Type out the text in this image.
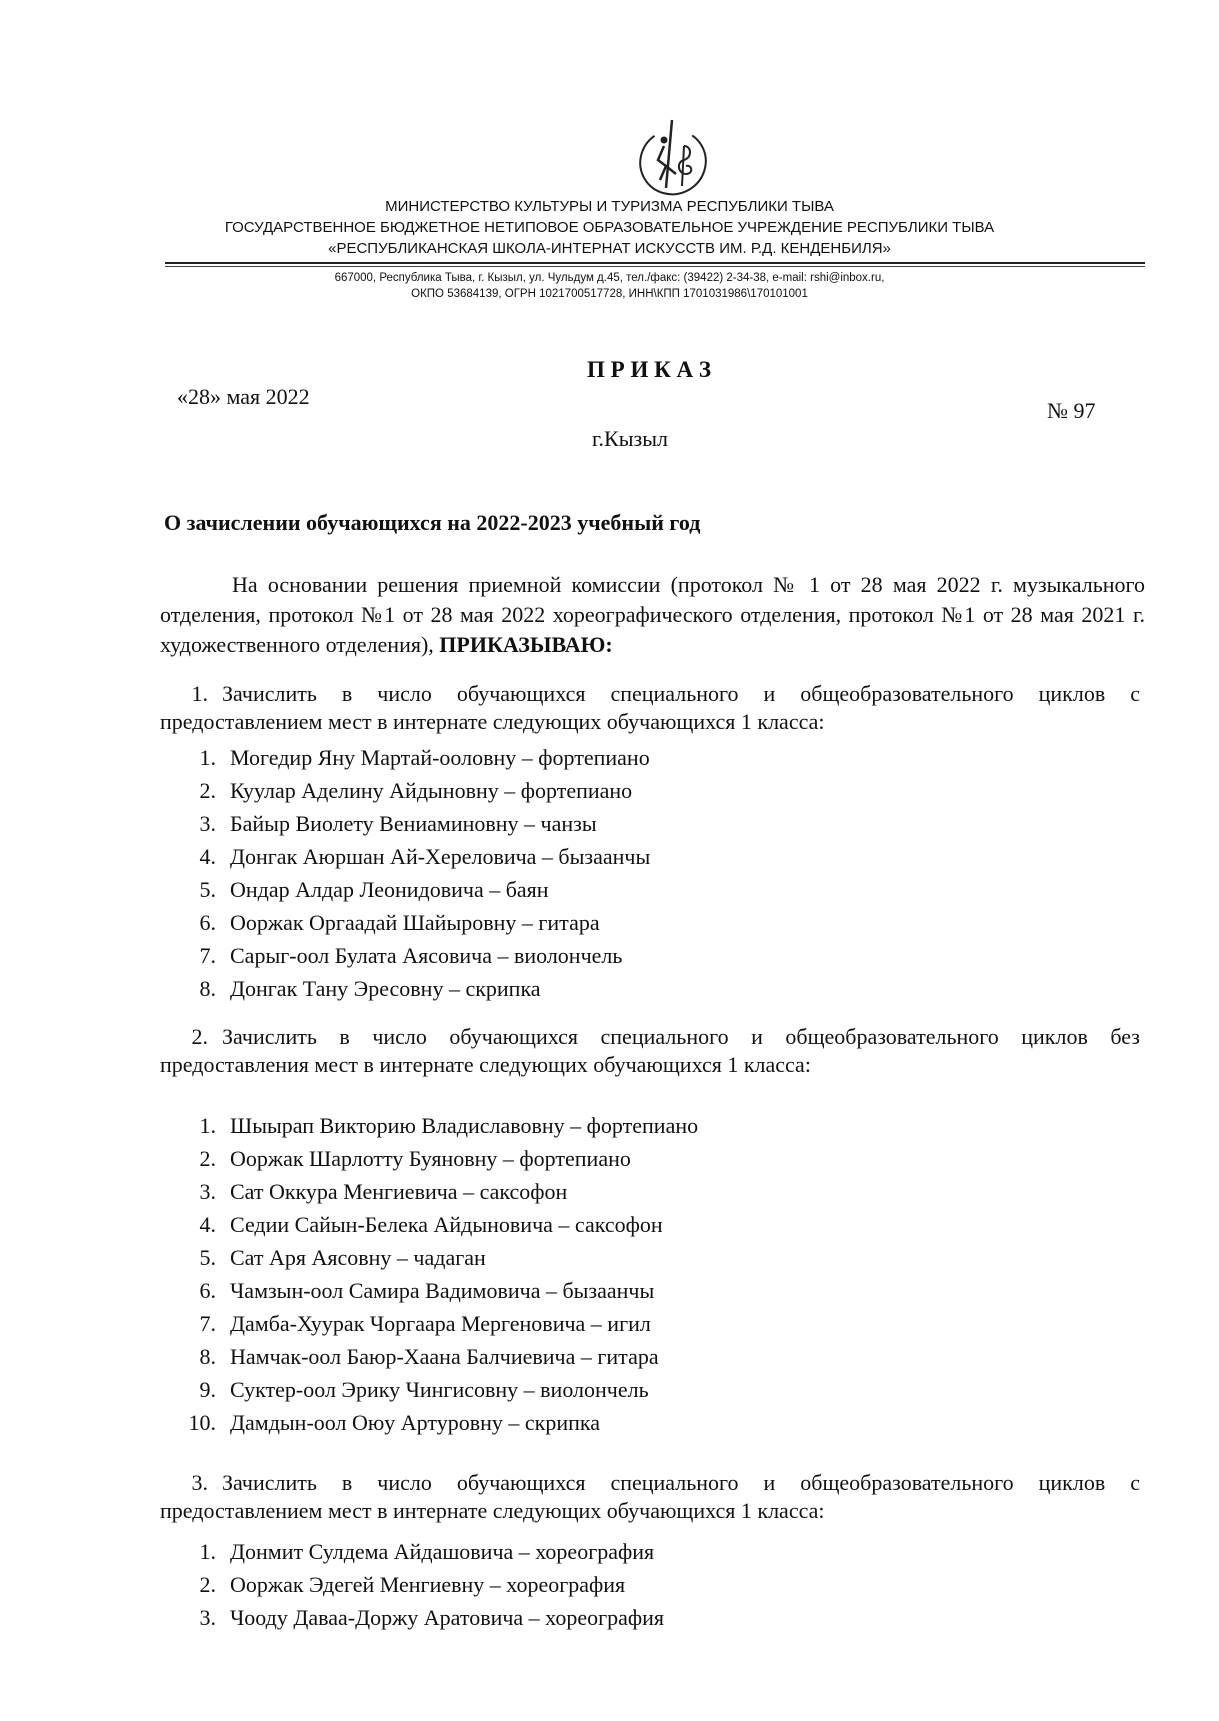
МИНИСТЕРСТВО КУЛЬТУРЫ И ТУРИЗМА РЕСПУБЛИКИ ТЫВА
ГОСУДАРСТВЕННОЕ БЮДЖЕТНОЕ НЕТИПОВОЕ ОБРАЗОВАТЕЛЬНОЕ УЧРЕЖДЕНИЕ РЕСПУБЛИКИ ТЫВА
«РЕСПУБЛИКАНСКАЯ ШКОЛА-ИНТЕРНАТ ИСКУССТВ ИМ. Р.Д. КЕНДЕНБИЛЯ»
667000, Республика Тыва, г. Кызыл, ул. Чульдум д.45, тел./факс: (39422) 2-34-38, e-mail: rshi@inbox.ru,
ОКПО 53684139, ОГРН 1021700517728, ИНН\КПП 1701031986\170101001
П Р И К А З
«28» мая 2022
№ 97
г.Кызыл
О зачислении обучающихся на 2022-2023 учебный год
На основании решения приемной комиссии (протокол № 1 от 28 мая 2022 г. музыкального отделения, протокол №1 от 28 мая 2022 хореографического отделения, протокол №1 от 28 мая 2021 г. художественного отделения), ПРИКАЗЫВАЮ:
1. Зачислить в число обучающихся специального и общеобразовательного циклов с предоставлением мест в интернате следующих обучающихся 1 класса:
1. Могедир Яну Мартай-ооловну – фортепиано
2. Куулар Аделину Айдыновну – фортепиано
3. Байыр Виолету Вениаминовну – чанзы
4. Донгак Аюршан Ай-Хереловича – бызаанчы
5. Ондар Алдар Леонидовича – баян
6. Ооржак Оргаадай Шайыровну – гитара
7. Сарыг-оол Булата Аясовича – виолончель
8. Донгак Тану Эресовну – скрипка
2. Зачислить в число обучающихся специального и общеобразовательного циклов без предоставления мест в интернате следующих обучающихся 1 класса:
1. Шыырап Викторию Владиславовну – фортепиано
2. Ооржак Шарлотту Буяновну – фортепиано
3. Сат Оккура Менгиевича – саксофон
4. Седии Сайын-Белека Айдыновича – саксофон
5. Сат Аря Аясовну – чадаган
6. Чамзын-оол Самира Вадимовича – бызаанчы
7. Дамба-Хуурак Чоргаара Мергеновича – игил
8. Намчак-оол Баюр-Хаана Балчиевича – гитара
9. Суктер-оол Эрику Чингисовну – виолончель
10. Дамдын-оол Оюу Артуровну – скрипка
3. Зачислить в число обучающихся специального и общеобразовательного циклов с предоставлением мест в интернате следующих обучающихся 1 класса:
1. Донмит Сулдема Айдашовича – хореография
2. Ооржак Эдегей Менгиевну – хореография
3. Чооду Даваа-Доржу Аратовича – хореография
